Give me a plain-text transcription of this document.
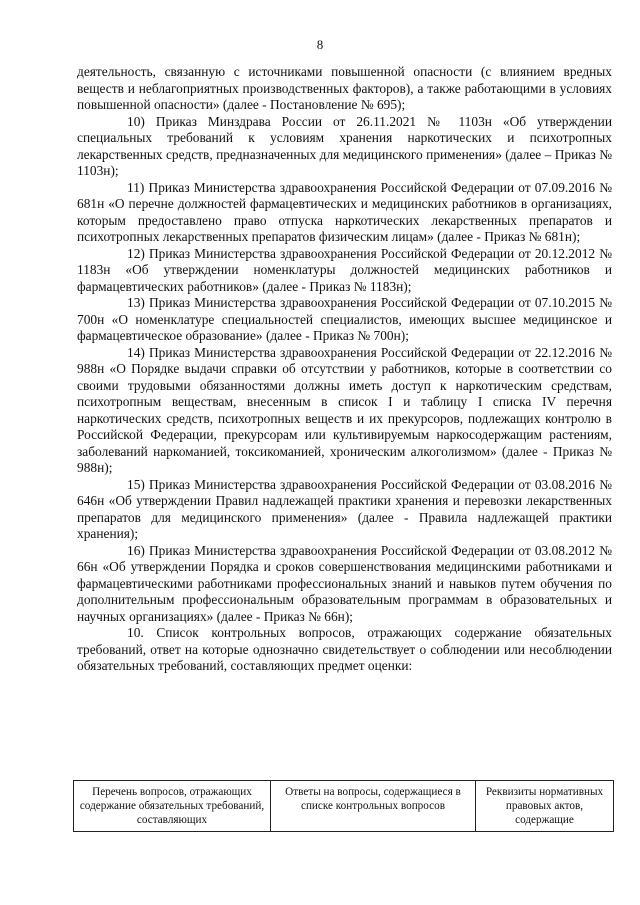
8

деятельность, связанную с источниками повышенной опасности (с влиянием вредных веществ и неблагоприятных производственных факторов), а также работающими в условиях повышенной опасности» (далее - Постановление № 695);

10) Приказ Минздрава России от 26.11.2021 № 1103н «Об утверждении специальных требований к условиям хранения наркотических и психотропных лекарственных средств, предназначенных для медицинского применения» (далее – Приказ № 1103н);

11) Приказ Министерства здравоохранения Российской Федерации от 07.09.2016 № 681н «О перечне должностей фармацевтических и медицинских работников в организациях, которым предоставлено право отпуска наркотических лекарственных препаратов и психотропных лекарственных препаратов физическим лицам» (далее - Приказ № 681н);

12) Приказ Министерства здравоохранения Российской Федерации от 20.12.2012 № 1183н «Об утверждении номенклатуры должностей медицинских работников и фармацевтических работников» (далее - Приказ № 1183н);

13) Приказ Министерства здравоохранения Российской Федерации от 07.10.2015 № 700н «О номенклатуре специальностей специалистов, имеющих высшее медицинское и фармацевтическое образование» (далее - Приказ № 700н);

14) Приказ Министерства здравоохранения Российской Федерации от 22.12.2016 № 988н «О Порядке выдачи справки об отсутствии у работников, которые в соответствии со своими трудовыми обязанностями должны иметь доступ к наркотическим средствам, психотропным веществам, внесенным в список I и таблицу I списка IV перечня наркотических средств, психотропных веществ и их прекурсоров, подлежащих контролю в Российской Федерации, прекурсорам или культивируемым наркосодержащим растениям, заболеваний наркоманией, токсикоманией, хроническим алкоголизмом» (далее - Приказ № 988н);

15) Приказ Министерства здравоохранения Российской Федерации от 03.08.2016 № 646н «Об утверждении Правил надлежащей практики хранения и перевозки лекарственных препаратов для медицинского применения» (далее - Правила надлежащей практики хранения);

16) Приказ Министерства здравоохранения Российской Федерации от 03.08.2012 № 66н «Об утверждении Порядка и сроков совершенствования медицинскими работниками и фармацевтическими работниками профессиональных знаний и навыков путем обучения по дополнительным профессиональным образовательным программам в образовательных и научных организациях» (далее - Приказ № 66н);

10. Список контрольных вопросов, отражающих содержание обязательных требований, ответ на которые однозначно свидетельствует о соблюдении или несоблюдении обязательных требований, составляющих предмет оценки:

Перечень вопросов, отражающих содержание обязательных требований, составляющих	Ответы на вопросы, содержащиеся в списке контрольных вопросов	Реквизиты нормативных правовых актов, содержащие
